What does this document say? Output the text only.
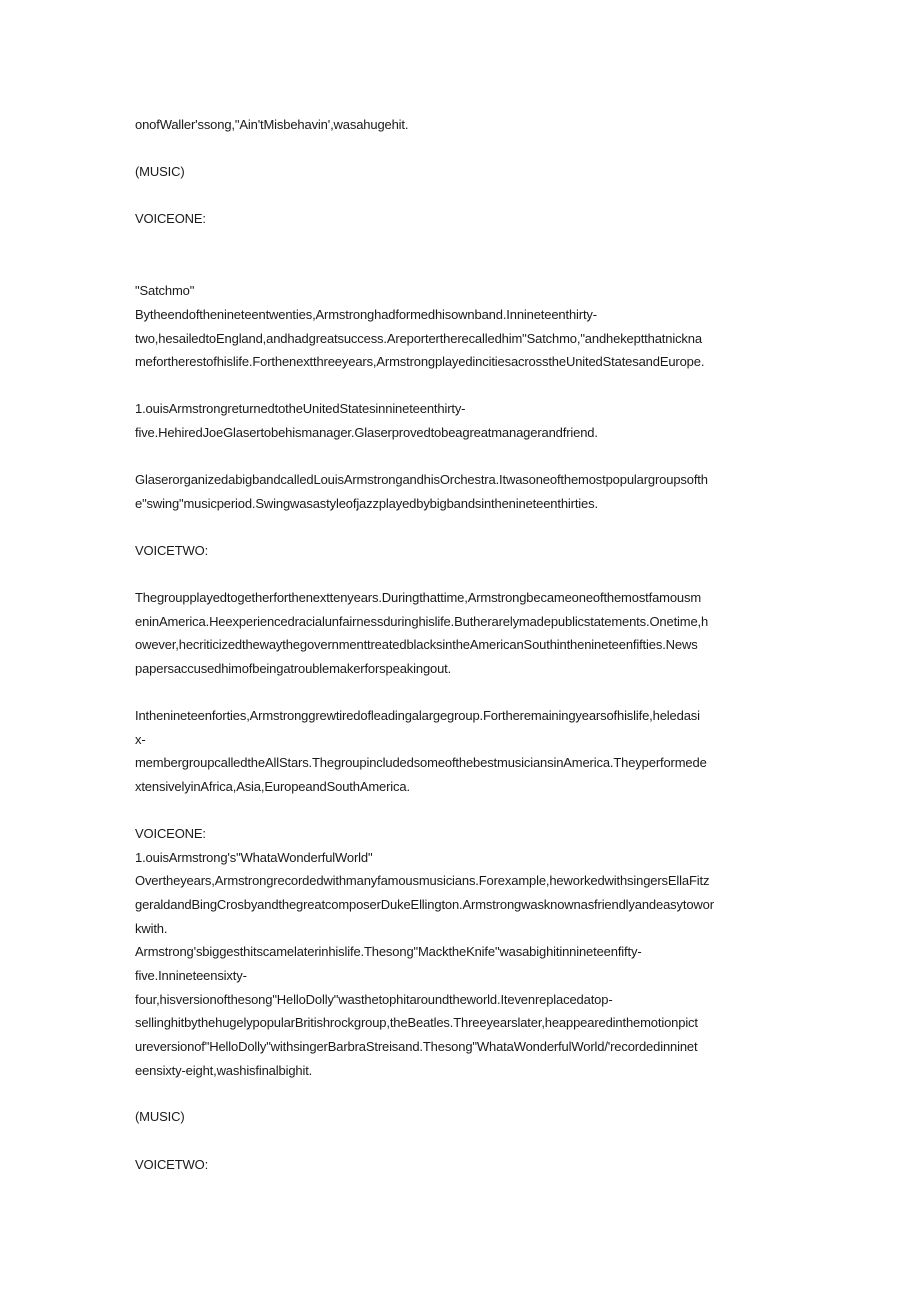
onofWaller'ssong,"Ain'tMisbehavin',wasahugehit.
(MUSIC)
VOICEONE:
"Satchmo"
Bytheendofthenineteentwenties,Armstronghadformedhisownband.Innineteenthirty-
two,hesailedtoEngland,andhadgreatsuccess.Areportertherecalledhim"Satchmo,"andhekeptthatnickna
mefortherestofhislife.Forthenextthreeyears,ArmstrongplayedincitiesacrosstheUnitedStatesandEurope.
1.ouisArmstrongreturnedtotheUnitedStatesinnineteenthirty-
five.HehiredJoeGlasertobehismanager.Glaserprovedtobeagreatmanagerandfriend.
GlaserorganizedabigbandcalledLouisArmstrongandhisOrchestra.Itwasoneofthemostpopulargroupsofth
e"swing"musicperiod.Swingwasastyleofjazzplayedbybigbandsinthenineteenthirties.
VOICETWO:
Thegroupplayedtogetherforthenexttenyears.Duringthattime,Armstrongbecameoneofthemostfamousm
eninAmerica.Heexperiencedracialunfairnessduringhislife.Butherarelymadepublicstatements.Onetime,h
owever,hecriticizedthewaythegovernmenttreatedblacksintheAmericanSouthinthenineteenfifties.News
papersaccusedhimofbeingatroublemakerforspeakingout.
Inthenineteenforties,Armstronggrewtiredofleadingalargegroup.Fortheremainingyearsofhislife,heledasi
x-
membergroupcalledtheAllStars.ThegroupincludedsomeofthebestmusiciansinAmerica.Theyperformede
xtensivelyinAfrica,Asia,EuropeandSouthAmerica.
VOICEONE:
1.ouisArmstrong's"WhataWonderfulWorld"
Overtheyears,Armstrongrecordedwithmanyfamousmusicians.Forexample,heworkedwithsingersEllaFitz
geraldandBingCrosbyandthegreatcomposerDukeEllington.Armstrongwasknownasfriendlyandeasytowor
kwith.
Armstrong'sbiggesthitscamelaterinhislife.Thesong"MacktheKnife"wasabighitinnineteenfifty-
five.Innineteensixty-
four,hisversionofthesong"HelloDolly"wasthetophitaroundtheworld.Itevenreplacedatop-
sellinghitbythehugelypopularBritishrockgroup,theBeatles.Threeyearslater,heappearedinthemotionpict
ureversionof"HelloDolly"withsingerBarbraStreisand.Thesong"WhataWonderfulWorld/'recordedinninet
eensixty-eight,washisfinalbighit.
(MUSIC)
VOICETWO:
